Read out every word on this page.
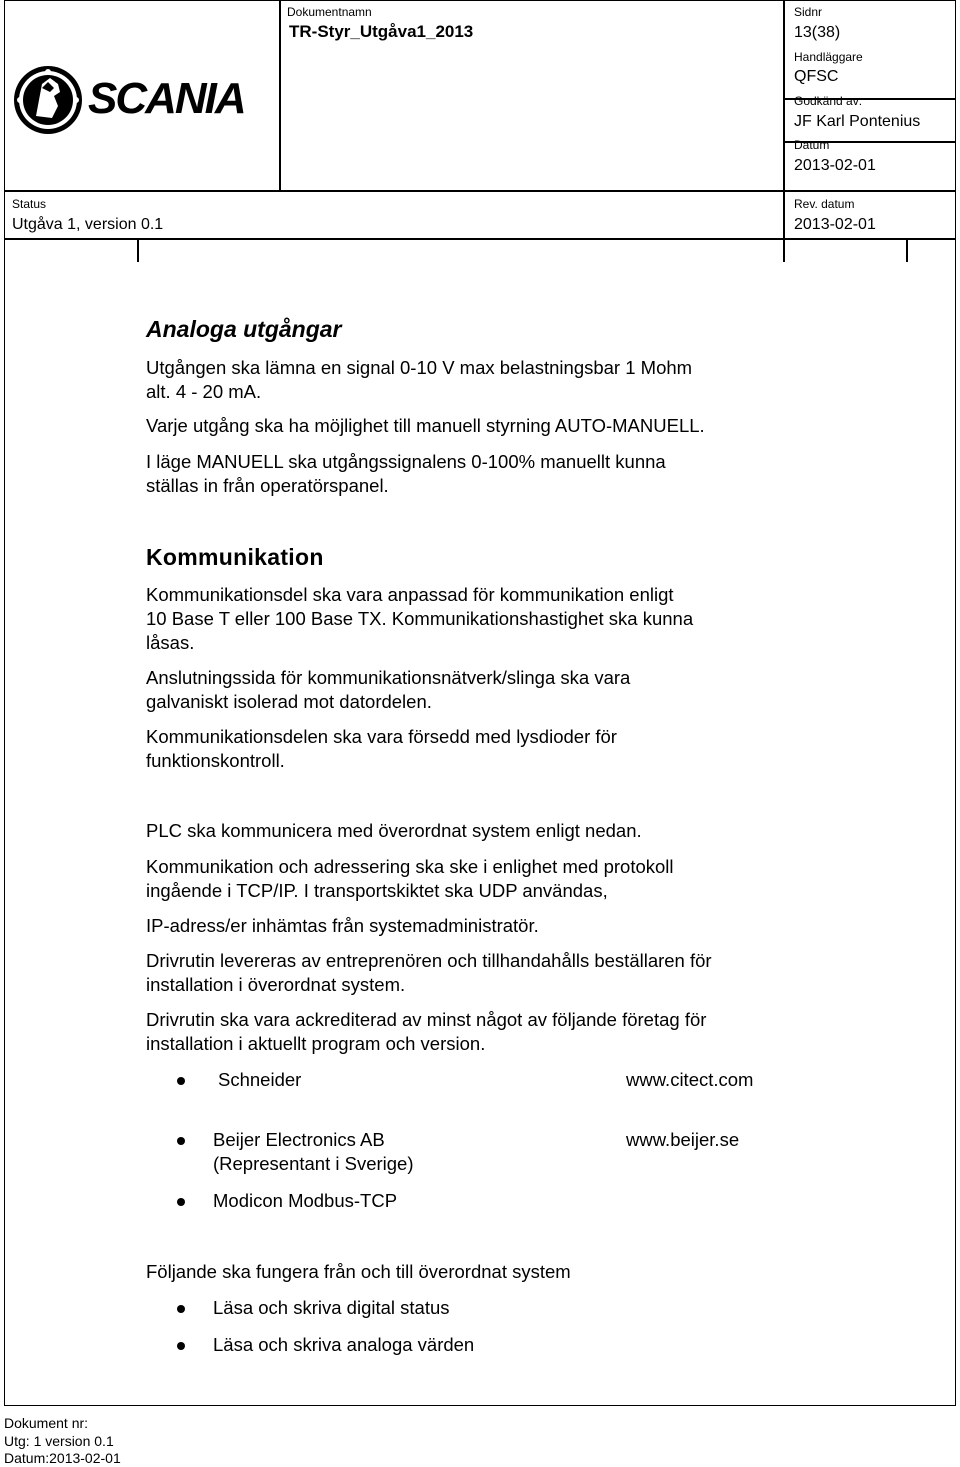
SCANIA
Dokumentnamn
TR-Styr_Utgåva1_2013
Sidnr
13(38)
Handläggare
QFSC
Godkänd av:
JF Karl Pontenius
Datum
2013-02-01
Status
Utgåva 1, version 0.1
Rev. datum
2013-02-01
Analoga utgångar
Utgången ska lämna en signal 0-10 V max belastningsbar 1 Mohm
alt. 4 - 20 mA.
Varje utgång ska ha möjlighet till manuell styrning AUTO-MANUELL.
I läge MANUELL ska utgångssignalens 0-100% manuellt kunna
ställas in från operatörspanel.
Kommunikation
Kommunikationsdel ska vara anpassad för kommunikation enligt
10 Base T eller 100 Base TX. Kommunikationshastighet ska kunna
låsas.
Anslutningssida för kommunikationsnätverk/slinga ska vara
galvaniskt isolerad mot datordelen.
Kommunikationsdelen ska vara försedd med lysdioder för
funktionskontroll.
PLC ska kommunicera med överordnat system enligt nedan.
Kommunikation och adressering ska ske i enlighet med protokoll
ingående i TCP/IP. I transportskiktet ska UDP användas,
IP-adress/er inhämtas från systemadministratör.
Drivrutin levereras av entreprenören och tillhandahålls beställaren för
installation i överordnat system.
Drivrutin ska vara ackrediterad av minst något av följande företag för
installation i aktuellt program och version.
Schneider	www.citect.com
Beijer Electronics AB
(Representant i Sverige)
www.beijer.se
Modicon Modbus-TCP
Följande ska fungera från och till överordnat system
Läsa och skriva digital status
Läsa och skriva analoga värden
Dokument nr:
Utg: 1 version 0.1
Datum:2013-02-01
